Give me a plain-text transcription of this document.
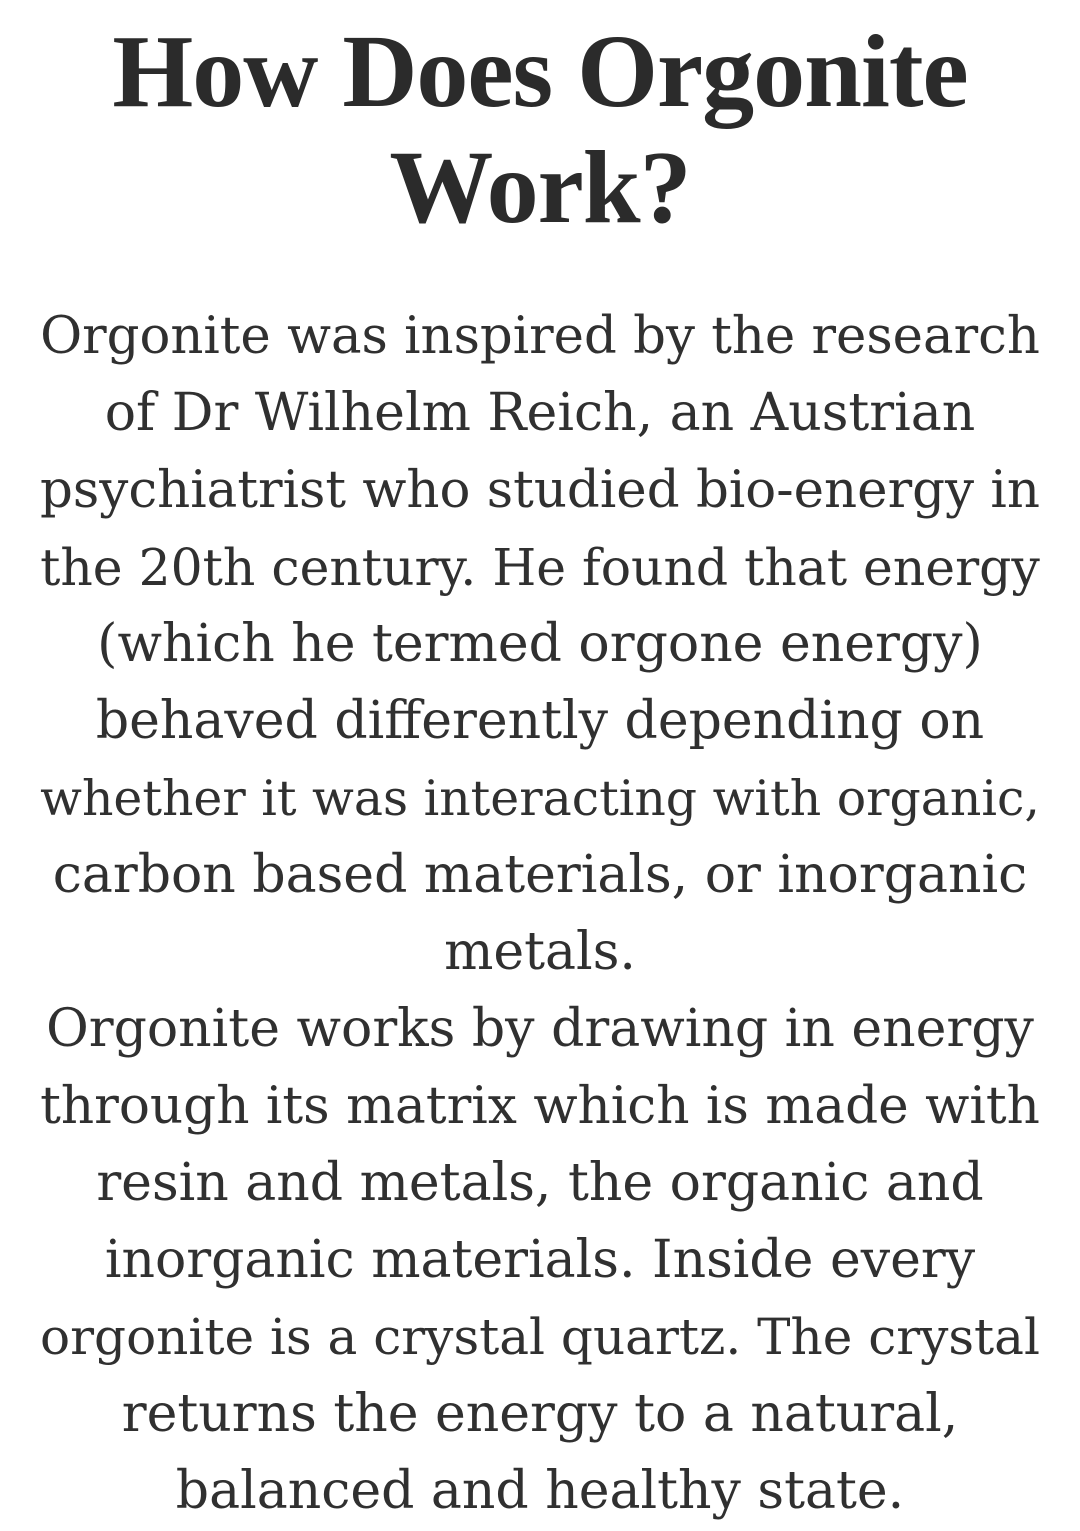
How Does Orgonite
Work?
Orgonite was inspired by the research
of Dr Wilhelm Reich, an Austrian
psychiatrist who studied bio-energy in
the 20th century. He found that energy
(which he termed orgone energy)
behaved differently depending on
whether it was interacting with organic,
carbon based materials, or inorganic
metals.
Orgonite works by drawing in energy
through its matrix which is made with
resin and metals, the organic and
inorganic materials. Inside every
orgonite is a crystal quartz. The crystal
returns the energy to a natural,
balanced and healthy state.
